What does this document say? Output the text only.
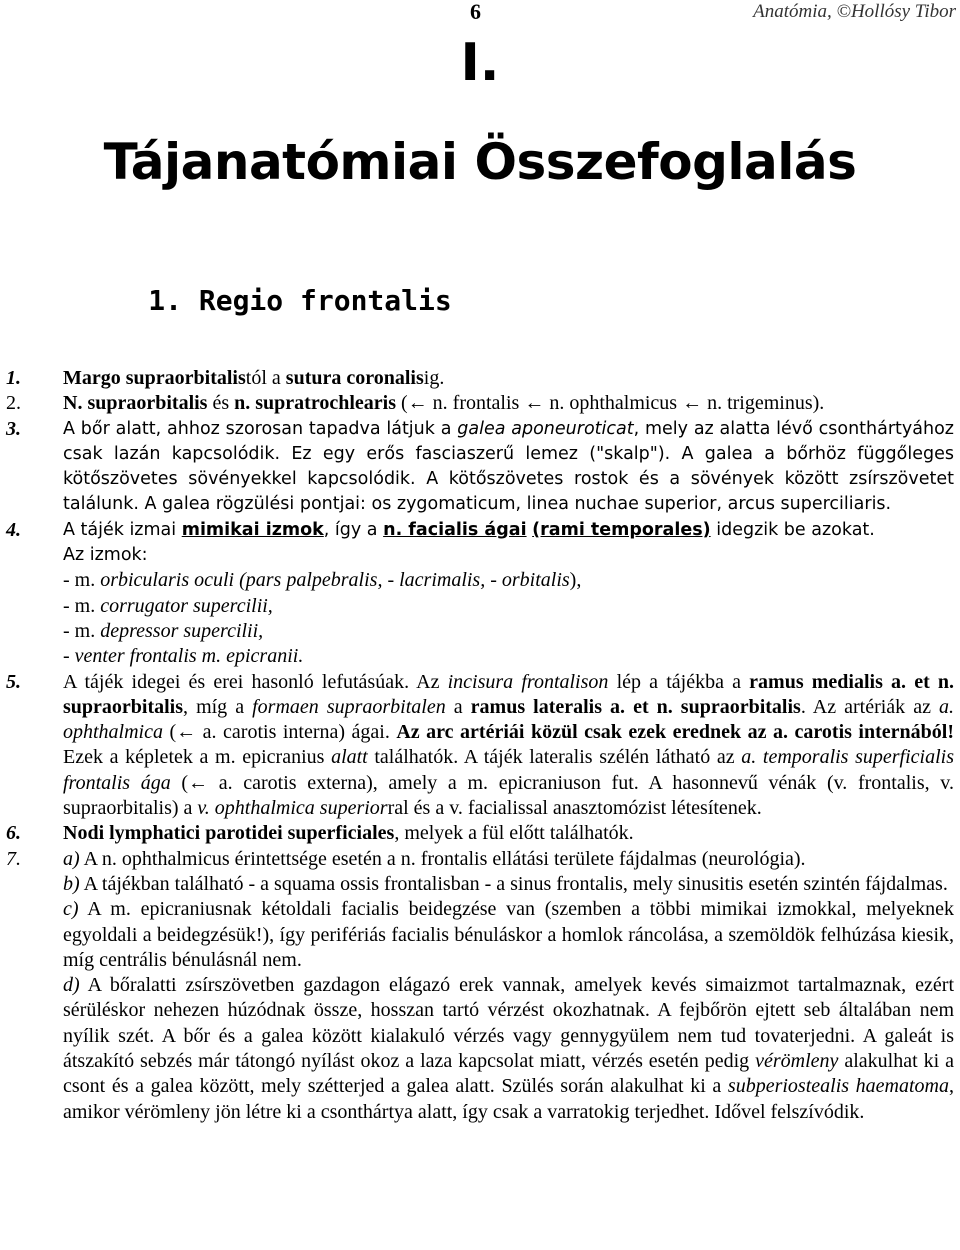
6	Anatómia, ©Hollósy Tibor
I.
Tájanatómiai Összefoglalás
1. Regio frontalis
1. Margo supraorbitalistól a sutura coronalisig.
2. N. supraorbitalis és n. supratrochlearis (← n. frontalis ← n. ophthalmicus ← n. trigeminus).
3. A bőr alatt, ahhoz szorosan tapadva látjuk a galea aponeuroticat, mely az alatta lévő csonthártyához csak lazán kapcsolódik. Ez egy erős fasciaszerű lemez ("skalp"). A galea a bőrhöz függőleges kötőszövetes sövényekkel kapcsolódik. A kötőszövetes rostok és a sövények között zsírszövetet találunk. A galea rögzülési pontjai: os zygomaticum, linea nuchae superior, arcus superciliaris.
4. A tájék izmai mimikai izmok, így a n. facialis ágai (rami temporales) idegzik be azokat.
Az izmok:
- m. orbicularis oculi (pars palpebralis, - lacrimalis, - orbitalis),
- m. corrugator supercilii,
- m. depressor supercilii,
- venter frontalis m. epicranii.
5. A tájék idegei és erei hasonló lefutásúak. Az incisura frontalison lép a tájékba a ramus medialis a. et n. supraorbitalis, míg a formaen supraorbitalen a ramus lateralis a. et n. supraorbitalis. Az artériák az a. ophthalmica (← a. carotis interna) ágai. Az arc artériái közül csak ezek erednek az a. carotis internából! Ezek a képletek a m. epicranius alatt találhatók. A tájék lateralis szélén látható az a. temporalis superficialis frontalis ága (← a. carotis externa), amely a m. epicraniuson fut. A hasonnevű vénák (v. frontalis, v. supraorbitalis) a v. ophthalmica superiorral és a v. facialissal anasztomózist létesítenek.
6. Nodi lymphatici parotidei superficiales, melyek a fül előtt találhatók.
7. a) A n. ophthalmicus érintettsége esetén a n. frontalis ellátási területe fájdalmas (neurológia).
b) A tájékban található - a squama ossis frontalisban - a sinus frontalis, mely sinusitis esetén szintén fájdalmas.
c) A m. epicraniusnak kétoldali facialis beidegzése van (szemben a többi mimikai izmokkal, melyeknek egyoldali a beidegzésük!), így perifériás facialis bénuláskor a homlok ráncolása, a szemöldök felhúzása kiesik, míg centrális bénulásnál nem.
d) A bőralatti zsírszövetben gazdagon elágazó erek vannak, amelyek kevés simaizmot tartalmaznak, ezért sérüléskor nehezen húzódnak össze, hosszan tartó vérzést okozhatnak. A fejbőrön ejtett seb általában nem nyílik szét. A bőr és a galea között kialakuló vérzés vagy gennygyülem nem tud tovaterjedni. A galeát is átszakító sebzés már tátongó nyílást okoz a laza kapcsolat miatt, vérzés esetén pedig vérömleny alakulhat ki a csont és a galea között, mely szétterjed a galea alatt. Szülés során alakulhat ki a subperiostealis haematoma, amikor vérömleny jön létre ki a csonthártya alatt, így csak a varratokig terjedhet. Idővel felszívódik.
